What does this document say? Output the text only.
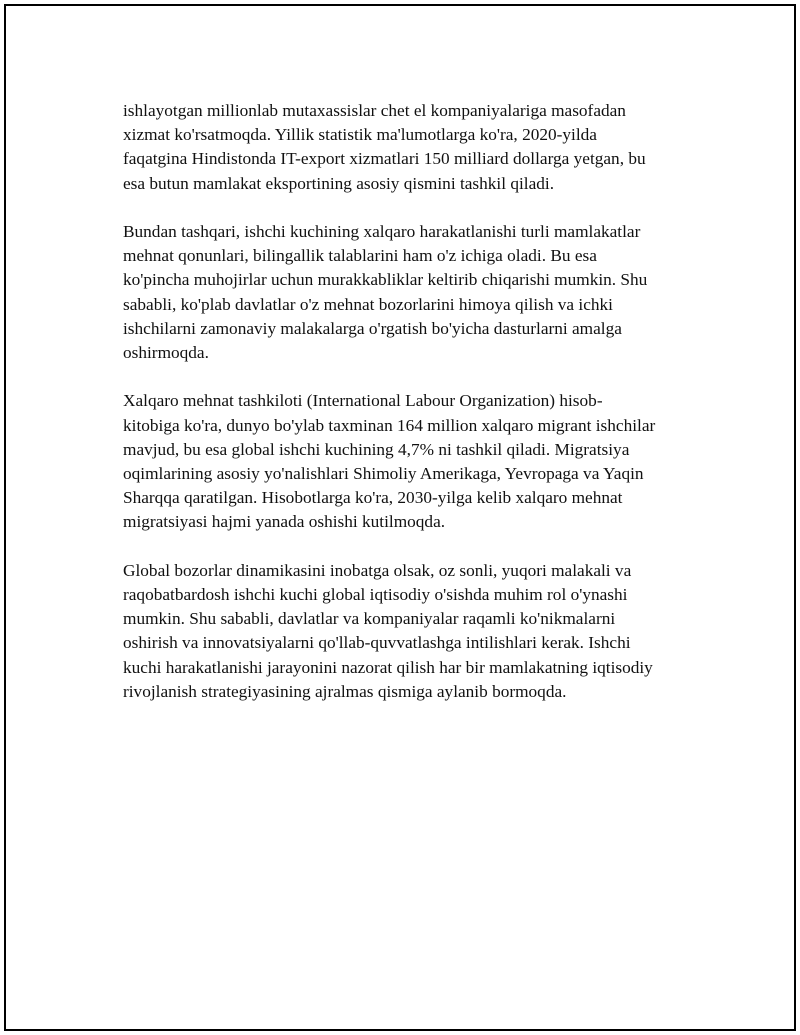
ishlayotgan millionlab mutaxassislar chet el kompaniyalariga masofadan
xizmat ko'rsatmoqda. Yillik statistik ma'lumotlarga ko'ra, 2020-yilda
faqatgina Hindistonda IT-export xizmatlari 150 milliard dollarga yetgan, bu
esa butun mamlakat eksportining asosiy qismini tashkil qiladi.

Bundan tashqari, ishchi kuchining xalqaro harakatlanishi turli mamlakatlar
mehnat qonunlari, bilingallik talablarini ham o'z ichiga oladi. Bu esa
ko'pincha muhojirlar uchun murakkabliklar keltirib chiqarishi mumkin. Shu
sababli, ko'plab davlatlar o'z mehnat bozorlarini himoya qilish va ichki
ishchilarni zamonaviy malakalarga o'rgatish bo'yicha dasturlarni amalga
oshirmoqda.

Xalqaro mehnat tashkiloti (International Labour Organization) hisob-
kitobiga ko'ra, dunyo bo'ylab taxminan 164 million xalqaro migrant ishchilar
mavjud, bu esa global ishchi kuchining 4,7% ni tashkil qiladi. Migratsiya
oqimlarining asosiy yo'nalishlari Shimoliy Amerikaga, Yevropaga va Yaqin
Sharqqa qaratilgan. Hisobotlarga ko'ra, 2030-yilga kelib xalqaro mehnat
migratsiyasi hajmi yanada oshishi kutilmoqda.

Global bozorlar dinamikasini inobatga olsak, oz sonli, yuqori malakali va
raqobatbardosh ishchi kuchi global iqtisodiy o'sishda muhim rol o'ynashi
mumkin. Shu sababli, davlatlar va kompaniyalar raqamli ko'nikmalarni
oshirish va innovatsiyalarni qo'llab-quvvatlashga intilishlari kerak. Ishchi
kuchi harakatlanishi jarayonini nazorat qilish har bir mamlakatning iqtisodiy
rivojlanish strategiyasining ajralmas qismiga aylanib bormoqda.
